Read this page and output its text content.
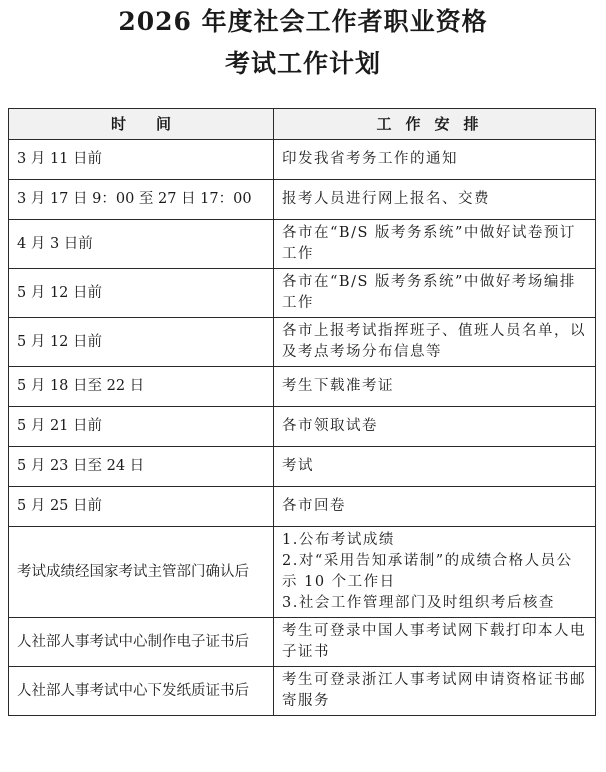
2026 年度社会工作者职业资格
考试工作计划
时　　间	工作安排
3 月 11 日前	印发我省考务工作的通知
3 月 17 日 9：00 至 27 日 17：00	报考人员进行网上报名、交费
4 月 3 日前	各市在“B/S 版考务系统”中做好试卷预订工作
5 月 12 日前	各市在“B/S 版考务系统”中做好考场编排工作
5 月 12 日前	各市上报考试指挥班子、值班人员名单，以及考点考场分布信息等
5 月 18 日至 22 日	考生下载准考证
5 月 21 日前	各市领取试卷
5 月 23 日至 24 日	考试
5 月 25 日前	各市回卷
考试成绩经国家考试主管部门确认后	1.公布考试成绩
2.对“采用告知承诺制”的成绩合格人员公示 10 个工作日
3.社会工作管理部门及时组织考后核查

人社部人事考试中心制作电子证书后	考生可登录中国人事考试网下载打印本人电子证书
人社部人事考试中心下发纸质证书后	考生可登录浙江人事考试网申请资格证书邮寄服务
